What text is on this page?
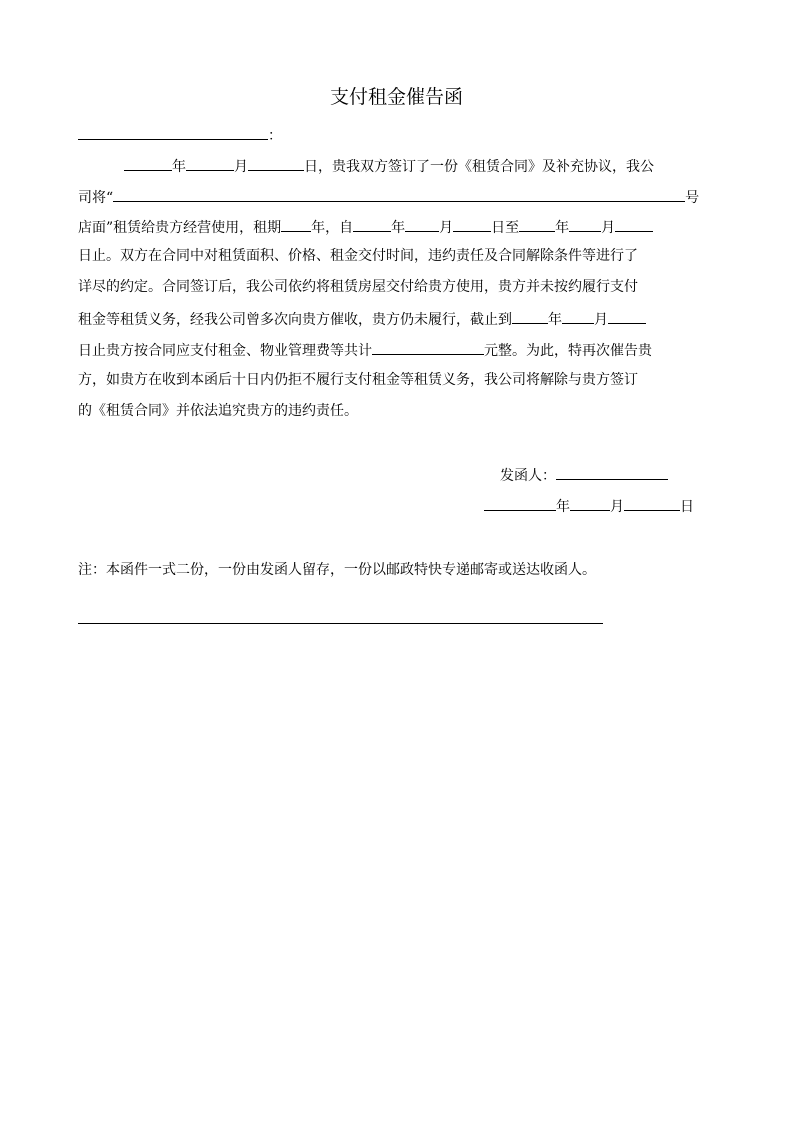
支付租金催告函
：
年	月	日，贵我双方签订了一份《租赁合同》及补充协议，我公
司将“	号
店面”租赁给贵方经营使用，租期 年，自	年 月	日至	年 月
日止。双方在合同中对租赁面积、价格、租金交付时间，违约责任及合同解除条件等进行了
详尽的约定。合同签订后，我公司依约将租赁房屋交付给贵方使用，贵方并未按约履行支付
租金等租赁义务，经我公司曾多次向贵方催收，贵方仍未履行，截止到	年 月
日止贵方按合同应支付租金、物业管理费等共计	元整。为此，特再次催告贵
方，如贵方在收到本函后十日内仍拒不履行支付租金等租赁义务，我公司将解除与贵方签订
的《租赁合同》并依法追究贵方的违约责任。
发函人：
年	月	日
注：本函件一式二份，一份由发函人留存，一份以邮政特快专递邮寄或送达收函人。
